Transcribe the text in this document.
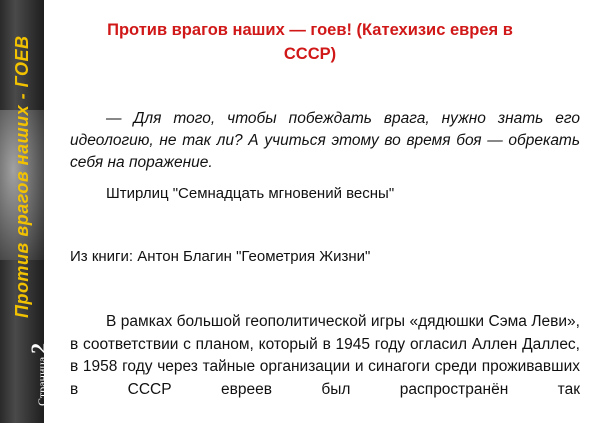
Против врагов наших - ГОЕВ
Страница2
Против врагов наших — гоев! (Катехизис еврея в СССР)

— Для того, чтобы побеждать врага, нужно знать его идеологию, не так ли? А учиться этому во время боя — обрекать себя на поражение.

Штирлиц "Семнадцать мгновений весны"

Из книги: Антон Благин "Геометрия Жизни"

В рамках большой геополитической игры «дядюшки Сэма Леви», в соответствии с планом, который в 1945 году огласил Аллен Даллес, в 1958 году через тайные организации и синагоги среди проживавших в СССР евреев был распространён так
